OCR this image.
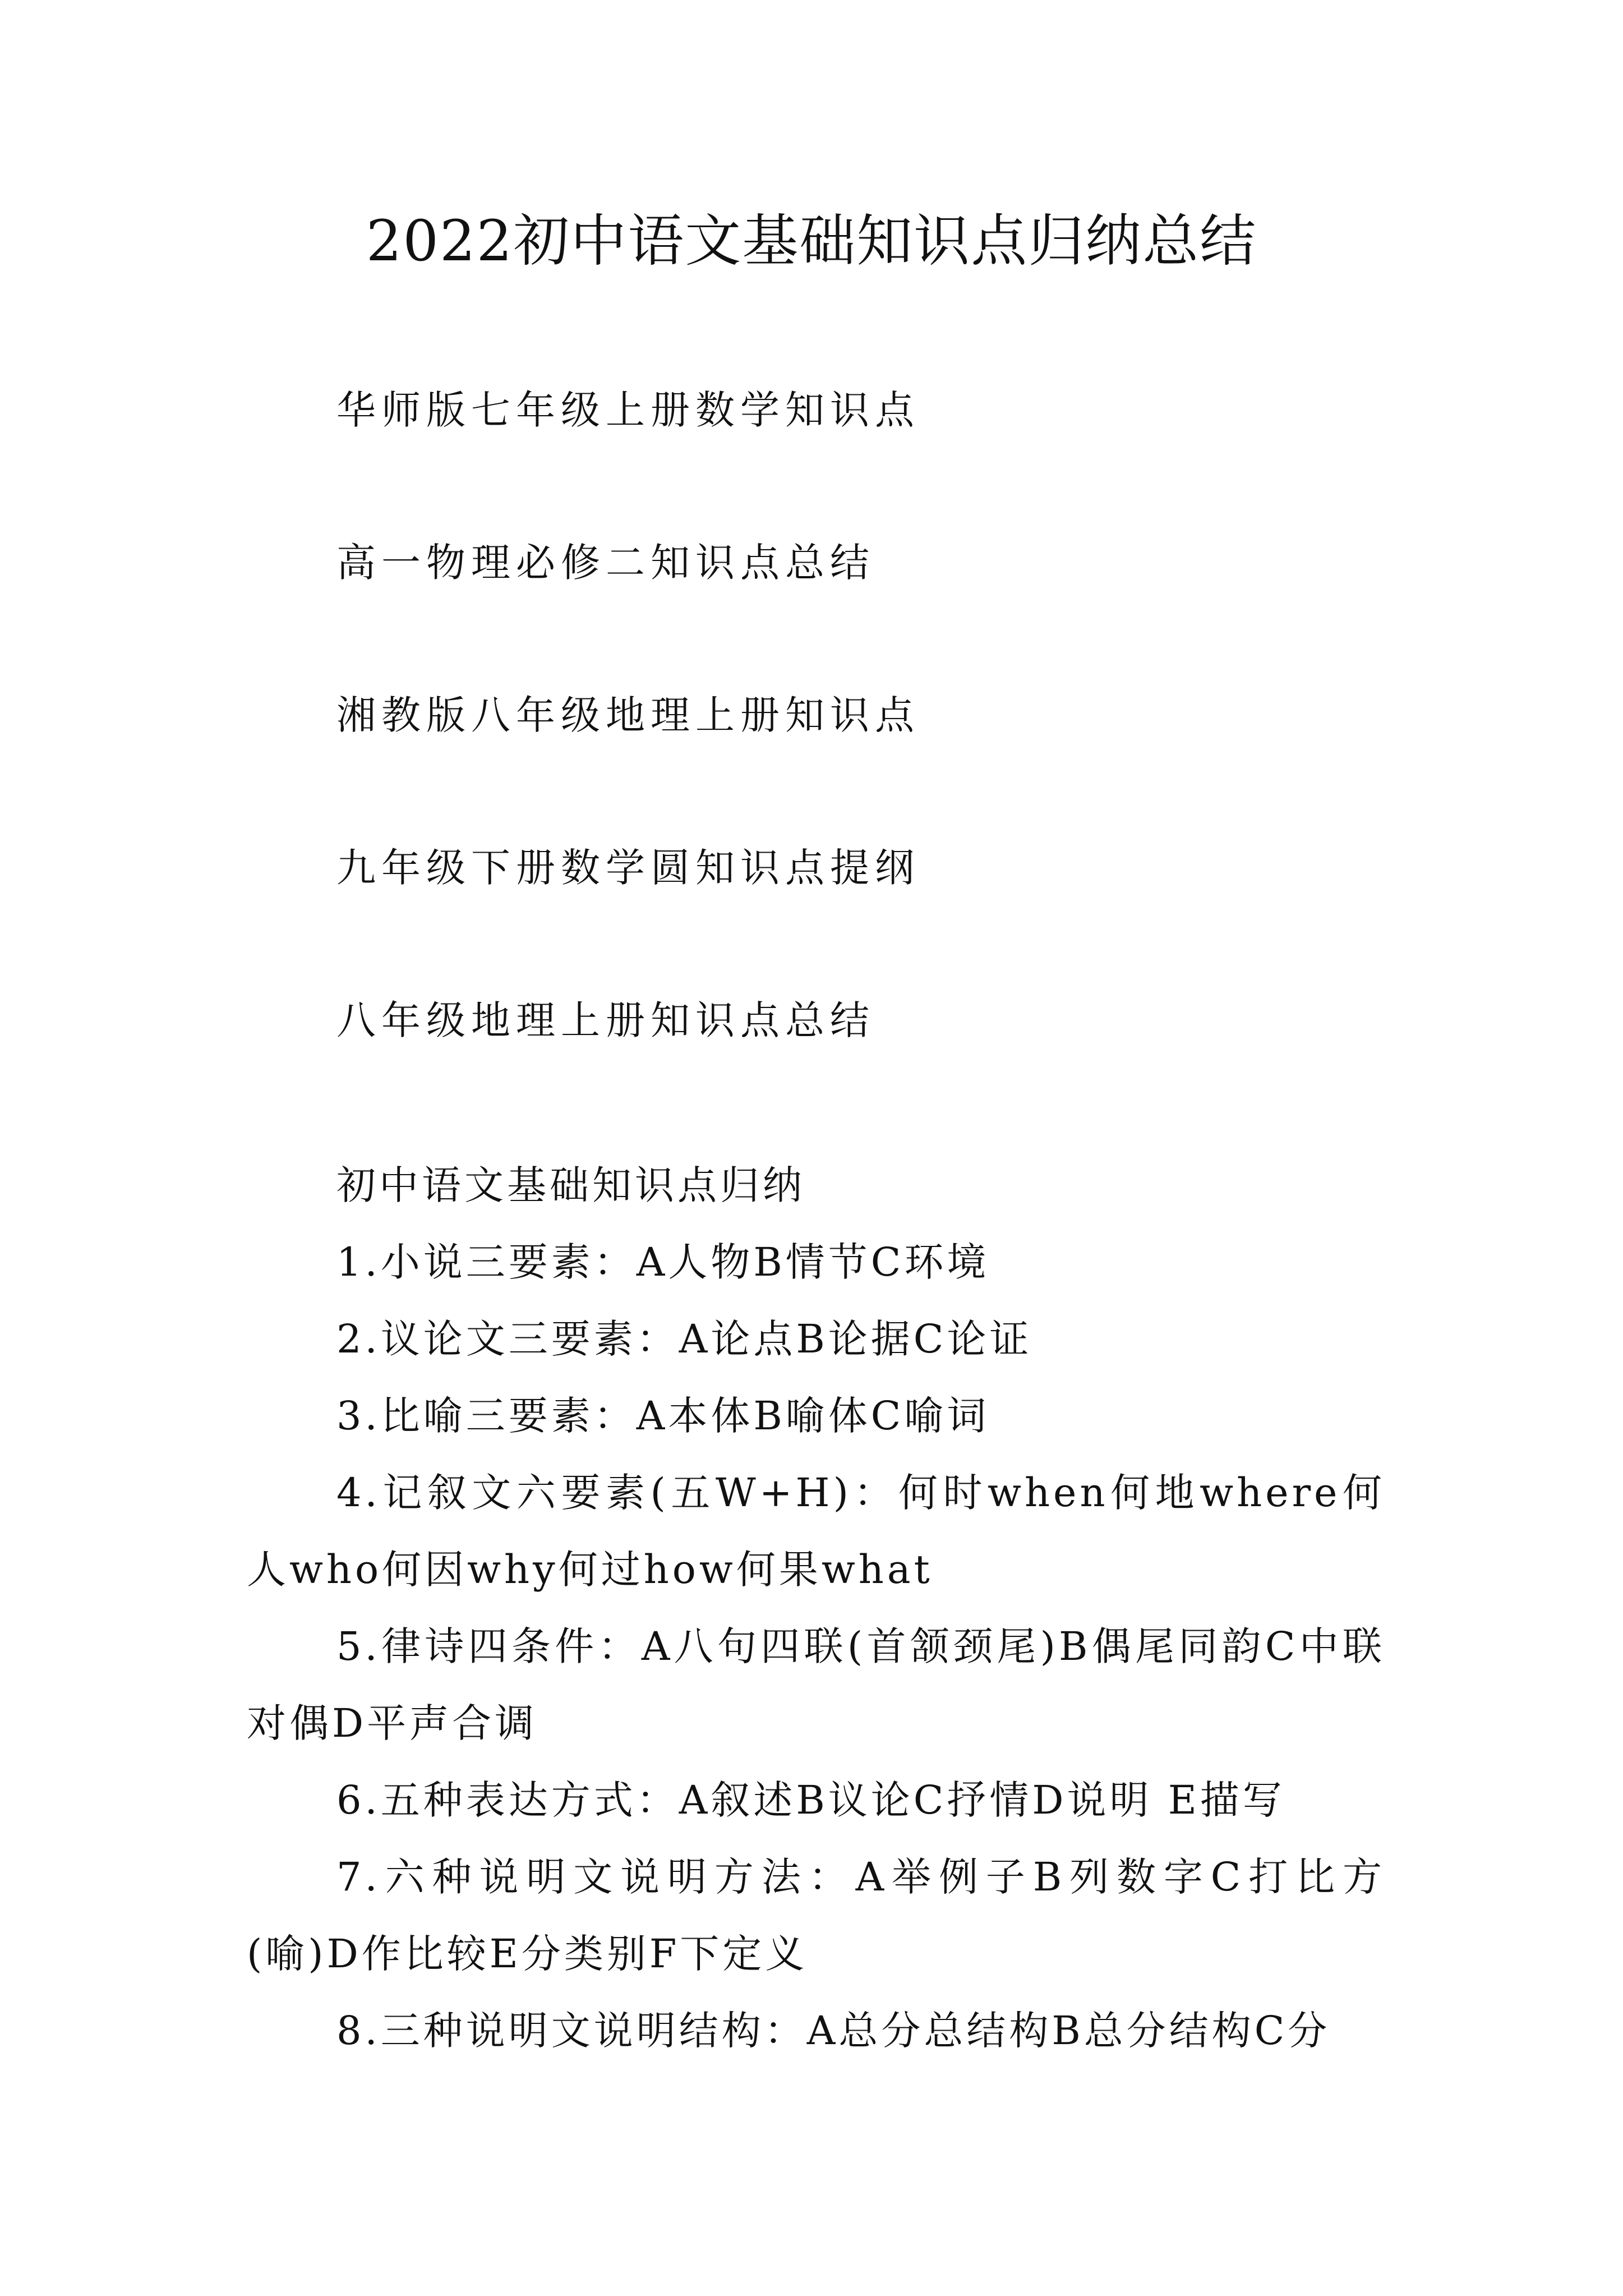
2022初中语文基础知识点归纳总结
华师版七年级上册数学知识点
高一物理必修二知识点总结
湘教版八年级地理上册知识点
九年级下册数学圆知识点提纲
八年级地理上册知识点总结

初中语文基础知识点归纳

1.小说三要素：A人物B情节C环境

2.议论文三要素：A论点B论据C论证

3.比喻三要素：A本体B喻体C喻词

4.记叙文六要素(五W+H)：何时when何地where何人who何因why何过how何果what

5.律诗四条件：A八句四联(首颔颈尾)B偶尾同韵C中联对偶D平声合调

6.五种表达方式：A叙述B议论C抒情D说明 E描写

7.六种说明文说明方法：A举例子B列数字C打比方(喻)D作比较E分类别F下定义

8.三种说明文说明结构：A总分总结构B总分结构C分
